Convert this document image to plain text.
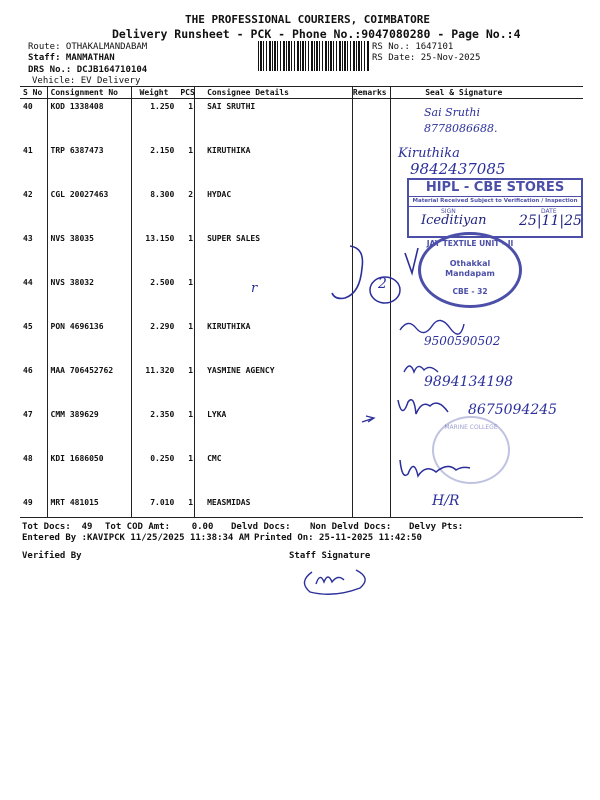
THE PROFESSIONAL COURIERS, COIMBATORE
Delivery Runsheet - PCK - Phone No.:9047080280 - Page No.:4
Route: OTHAKALMANDABAM
Staff: MANMATHAN
DRS No.: DCJB164710104
Vehicle: EV Delivery
RS No.: 1647101
RS Date: 25-Nov-2025
S No	Consignment No	Weight	PCS	Consignee Details	Remarks	Seal & Signature
40	KOD 1338408	1.250	1	SAI SRUTHI		
41	TRP 6387473	2.150	1	KIRUTHIKA		
42	CGL 20027463	8.300	2	HYDAC		
43	NVS 38035	13.150	1	SUPER SALES		
44	NVS 38032	2.500	1			
45	PON 4696136	2.290	1	KIRUTHIKA		
46	MAA 706452762	11.320	1	YASMINE AGENCY		
47	CMM 389629	2.350	1	LYKA		
48	KDI 1686050	0.250	1	CMC		
49	MRT 481015	7.010	1	MEASMIDAS		
Sai Sruthi
8778086688.
Kiruthika
9842437085
HIPL - CBE STORES
Material Received Subject to Verification / Inspection
SIGN	DATE
Iceditiyan 25|11|25
JAY TEXTILE UNIT - II
Othakkal
Mandapam
CBE - 32
2
r
9500590502
9894134198
8675094245
MARINE COLLEGE
H/R
Tot Docs:  49 Tot COD Amt:    0.00 Delvd Docs: Non Delvd Docs: Delvy Pts:
Entered By :KAVIPCK 11/25/2025 11:38:34 AM Printed On: 25-11-2025 11:42:50
Verified By	Staff Signature
